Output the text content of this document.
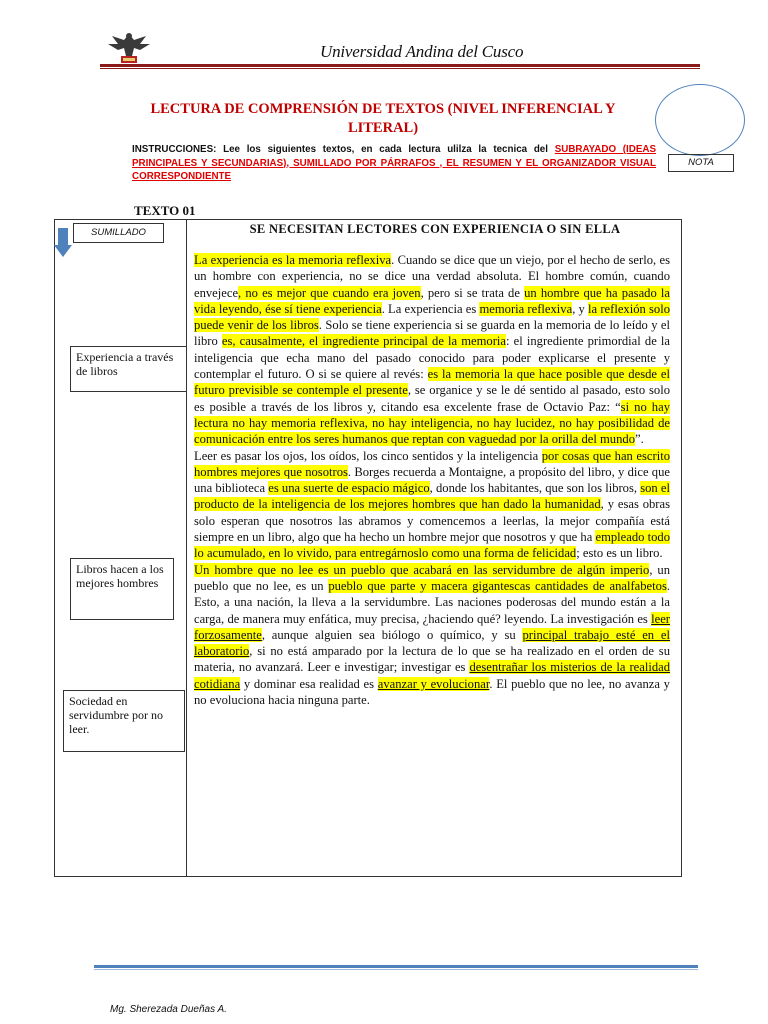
Universidad Andina del Cusco
LECTURA DE COMPRENSIÓN DE TEXTOS (NIVEL INFERENCIAL Y LITERAL)
INSTRUCCIONES: Lee los siguientes textos, en cada lectura ulilza la tecnica del SUBRAYADO (IDEAS PRINCIPALES Y SECUNDARIAS), SUMILLADO POR PÁRRAFOS , EL RESUMEN Y EL ORGANIZADOR VISUAL CORRESPONDIENTE
NOTA
TEXTO 01
SUMILLADO
Experiencia a través de libros
Libros hacen a los mejores hombres
Sociedad en servidumbre por no leer.
SE NECESITAN LECTORES CON EXPERIENCIA O SIN ELLA

La experiencia es la memoria reflexiva. Cuando se dice que un viejo, por el hecho de serlo, es un hombre con experiencia, no se dice una verdad absoluta. El hombre común, cuando envejece, no es mejor que cuando era joven, pero si se trata de un hombre que ha pasado la vida leyendo, ése sí tiene experiencia. La experiencia es memoria reflexiva, y la reflexión solo puede venir de los libros. Solo se tiene experiencia si se guarda en la memoria de lo leído y el libro es, causalmente, el ingrediente principal de la memoria: el ingrediente primordial de la inteligencia que echa mano del pasado conocido para poder explicarse el presente y contemplar el futuro. O si se quiere al revés: es la memoria la que hace posible que desde el futuro previsible se contemple el presente, se organice y se le dé sentido al pasado, esto solo es posible a través de los libros y, citando esa excelente frase de Octavio Paz: “si no hay lectura no hay memoria reflexiva, no hay inteligencia, no hay lucidez, no hay posibilidad de comunicación entre los seres humanos que reptan con vaguedad por la orilla del mundo”.

Leer es pasar los ojos, los oídos, los cinco sentidos y la inteligencia por cosas que han escrito hombres mejores que nosotros. Borges recuerda a Montaigne, a propósito del libro, y dice que una biblioteca es una suerte de espacio mágico, donde los habitantes, que son los libros, son el producto de la inteligencia de los mejores hombres que han dado la humanidad, y esas obras solo esperan que nosotros las abramos y comencemos a leerlas, la mejor compañía está siempre en un libro, algo que ha hecho un hombre mejor que nosotros y que ha empleado todo lo acumulado, en lo vivido, para entregárnoslo como una forma de felicidad; esto es un libro.

Un hombre que no lee es un pueblo que acabará en las servidumbre de algún imperio, un pueblo que no lee, es un pueblo que parte y macera gigantescas cantidades de analfabetos. Esto, a una nación, la lleva a la servidumbre. Las naciones poderosas del mundo están a la carga, de manera muy enfática, muy precisa, ¿haciendo qué? leyendo. La investigación es leer forzosamente, aunque alguien sea biólogo o químico, y su principal trabajo esté en el laboratorio, si no está amparado por la lectura de lo que se ha realizado en el orden de su materia, no avanzará. Leer e investigar; investigar es desentrañar los misterios de la realidad cotidiana y dominar esa realidad es avanzar y evolucionar. El pueblo que no lee, no avanza y no evoluciona hacia ninguna parte.

Mg. Sherezada Dueñas A.
